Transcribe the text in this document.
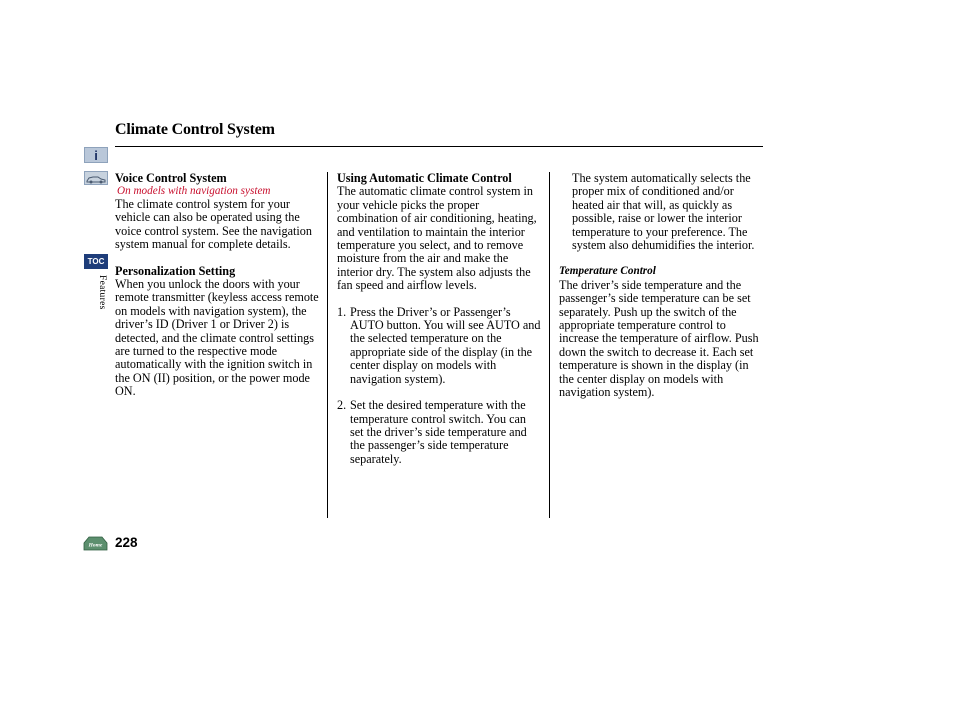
Climate Control System
i
TOC
Features

Voice Control System

On models with navigation system

The climate control system for your vehicle can also be operated using the voice control system. See the navigation system manual for complete details.

Personalization Setting

When you unlock the doors with your remote transmitter (keyless access remote on models with navigation system), the driver’s ID (Driver 1 or Driver 2) is detected, and the climate control settings are turned to the respective mode automatically with the ignition switch in the ON (II) position, or the power mode ON.

Using Automatic Climate Control

The automatic climate control system in your vehicle picks the proper combination of air conditioning, heating, and ventilation to maintain the interior temperature you select, and to remove moisture from the air and make the interior dry. The system also adjusts the fan speed and airflow levels.

1. Press the Driver’s or Passenger’s AUTO button. You will see AUTO and the selected temperature on the appropriate side of the display (in the center display on models with navigation system).
2. Set the desired temperature with the temperature control switch. You can set the driver’s side temperature and the passenger’s side temperature separately.

The system automatically selects the proper mix of conditioned and/or heated air that will, as quickly as possible, raise or lower the interior temperature to your preference. The system also dehumidifies the interior.

Temperature Control

The driver’s side temperature and the passenger’s side temperature can be set separately. Push up the switch of the appropriate temperature control to increase the temperature of airflow. Push down the switch to decrease it. Each set temperature is shown in the display (in the center display on models with navigation system).

Home 228
